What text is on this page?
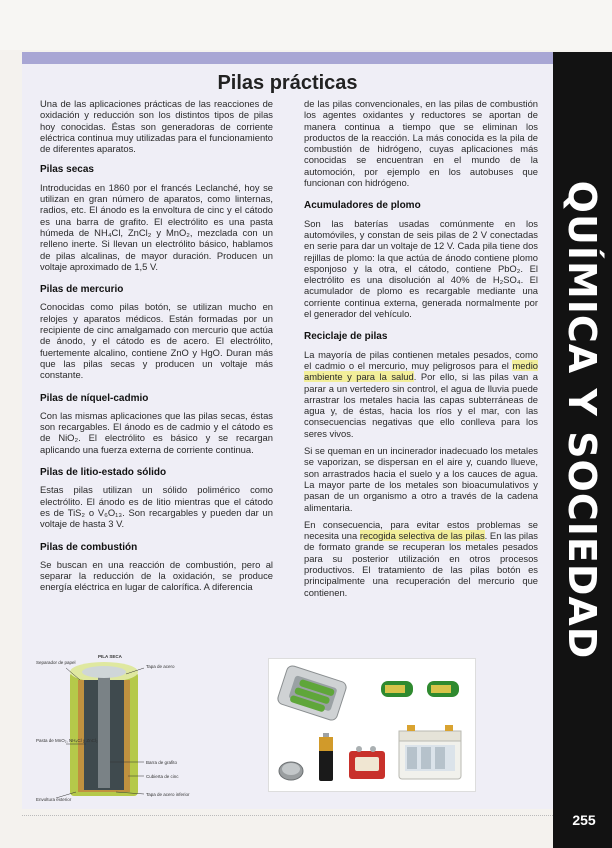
QUÍMICA Y SOCIEDAD
255
Pilas prácticas

Una de las aplicaciones prácticas de las reacciones de oxidación y reducción son los distintos tipos de pilas hoy conocidas. Éstas son generadoras de corriente eléctrica continua muy utilizadas para el funcionamiento de diferentes aparatos.

Pilas secas

Introducidas en 1860 por el francés Leclanché, hoy se utilizan en gran número de aparatos, como linternas, radios, etc. El ánodo es la envoltura de cinc y el cátodo es una barra de grafito. El electrólito es una pasta húmeda de NH₄Cl, ZnCl₂ y MnO₂, mezclada con un relleno inerte. Si llevan un electrólito básico, hablamos de pilas alcalinas, de mayor duración. Producen un voltaje aproximado de 1,5 V.

Pilas de mercurio

Conocidas como pilas botón, se utilizan mucho en relojes y aparatos médicos. Están formadas por un recipiente de cinc amalgamado con mercurio que actúa de ánodo, y el cátodo es de acero. El electrólito, fuertemente alcalino, contiene ZnO y HgO. Duran más que las pilas secas y producen un voltaje más constante.

Pilas de níquel-cadmio

Con las mismas aplicaciones que las pilas secas, éstas son recargables. El ánodo es de cadmio y el cátodo es de NiO₂. El electrólito es básico y se recargan aplicando una fuerza externa de corriente continua.

Pilas de litio-estado sólido

Estas pilas utilizan un sólido polimérico como electrólito. El ánodo es de litio mientras que el cátodo es de TiS₂ o V₆O₁₃. Son recargables y pueden dar un voltaje de hasta 3 V.

Pilas de combustión

Se buscan en una reacción de combustión, pero al separar la reducción de la oxidación, se produce energía eléctrica en lugar de calorífica. A diferencia

de las pilas convencionales, en las pilas de combustión los agentes oxidantes y reductores se aportan de manera continua a tiempo que se eliminan los productos de la reacción. La más conocida es la pila de combustión de hidrógeno, cuyas aplicaciones más conocidas se encuentran en el mundo de la automoción, por ejemplo en los autobuses que funcionan con hidrógeno.

Acumuladores de plomo

Son las baterías usadas comúnmente en los automóviles, y constan de seis pilas de 2 V conectadas en serie para dar un voltaje de 12 V. Cada pila tiene dos rejillas de plomo: la que actúa de ánodo contiene plomo esponjoso y la otra, el cátodo, contiene PbO₂. El electrólito es una disolución al 40% de H₂SO₄. El acumulador de plomo es recargable mediante una corriente continua externa, generada normalmente por el generador del vehículo.

Reciclaje de pilas

La mayoría de pilas contienen metales pesados, como el cadmio o el mercurio, muy peligrosos para el medio ambiente y para la salud. Por ello, si las pilas van a parar a un vertedero sin control, el agua de lluvia puede arrastrar los metales hacia las capas subterráneas de agua y, de éstas, hacia los ríos y el mar, con las consecuencias negativas que ello conlleva para los seres vivos.

Si se queman en un incinerador inadecuado los metales se vaporizan, se dispersan en el aire y, cuando llueve, son arrastrados hacia el suelo y a los cauces de agua. La mayor parte de los metales son bioacumulativos y pasan de un organismo a otro a través de la cadena alimentaria.

En consecuencia, para evitar estos problemas se necesita una recogida selectiva de las pilas. En las pilas de formato grande se recuperan los metales pesados para su posterior utilización en otros procesos productivos. El tratamiento de las pilas botón es principalmente una recuperación del mercurio que contienen.

PILA SECA
Separador de papel
Tapa de acero
Pasta de MnO₂, NH₄Cl y ZnCl₂
Barra de grafito
Cubierta de cinc
Tapa de acero inferior
Envoltura exterior
